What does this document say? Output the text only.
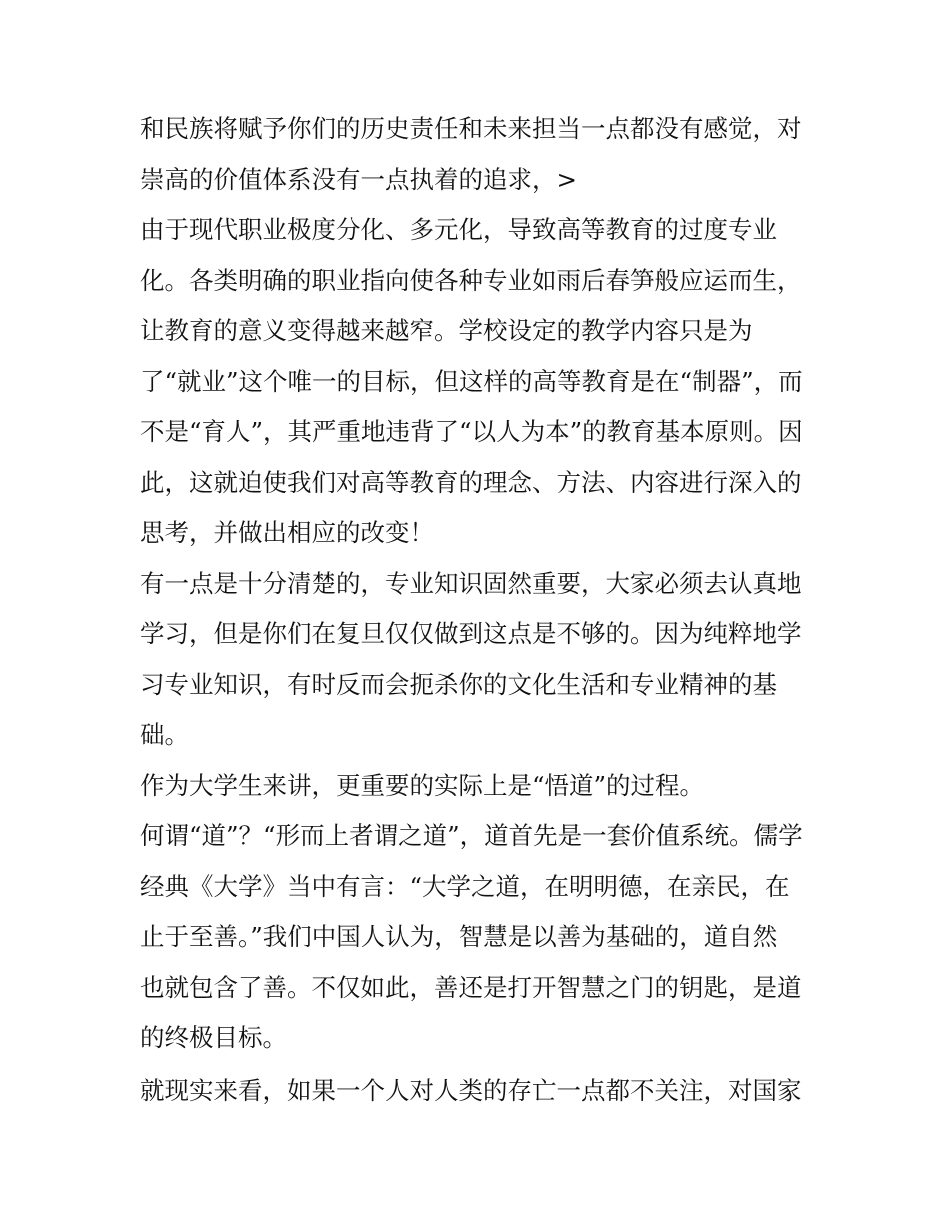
和民族将赋予你们的历史责任和未来担当一点都没有感觉，对
崇高的价值体系没有一点执着的追求，>
由于现代职业极度分化、多元化，导致高等教育的过度专业
化。各类明确的职业指向使各种专业如雨后春笋般应运而生，
让教育的意义变得越来越窄。学校设定的教学内容只是为
了“就业”这个唯一的目标，但这样的高等教育是在“制器”，而
不是“育人”，其严重地违背了“以人为本”的教育基本原则。因
此，这就迫使我们对高等教育的理念、方法、内容进行深入的
思考，并做出相应的改变！
有一点是十分清楚的，专业知识固然重要，大家必须去认真地
学习，但是你们在复旦仅仅做到这点是不够的。因为纯粹地学
习专业知识，有时反而会扼杀你的文化生活和专业精神的基
础。
作为大学生来讲，更重要的实际上是“悟道”的过程。
何谓“道”？“形而上者谓之道”，道首先是一套价值系统。儒学
经典《大学》当中有言：“大学之道，在明明德，在亲民，在
止于至善。”我们中国人认为，智慧是以善为基础的，道自然
也就包含了善。不仅如此，善还是打开智慧之门的钥匙，是道
的终极目标。
就现实来看，如果一个人对人类的存亡一点都不关注，对国家
